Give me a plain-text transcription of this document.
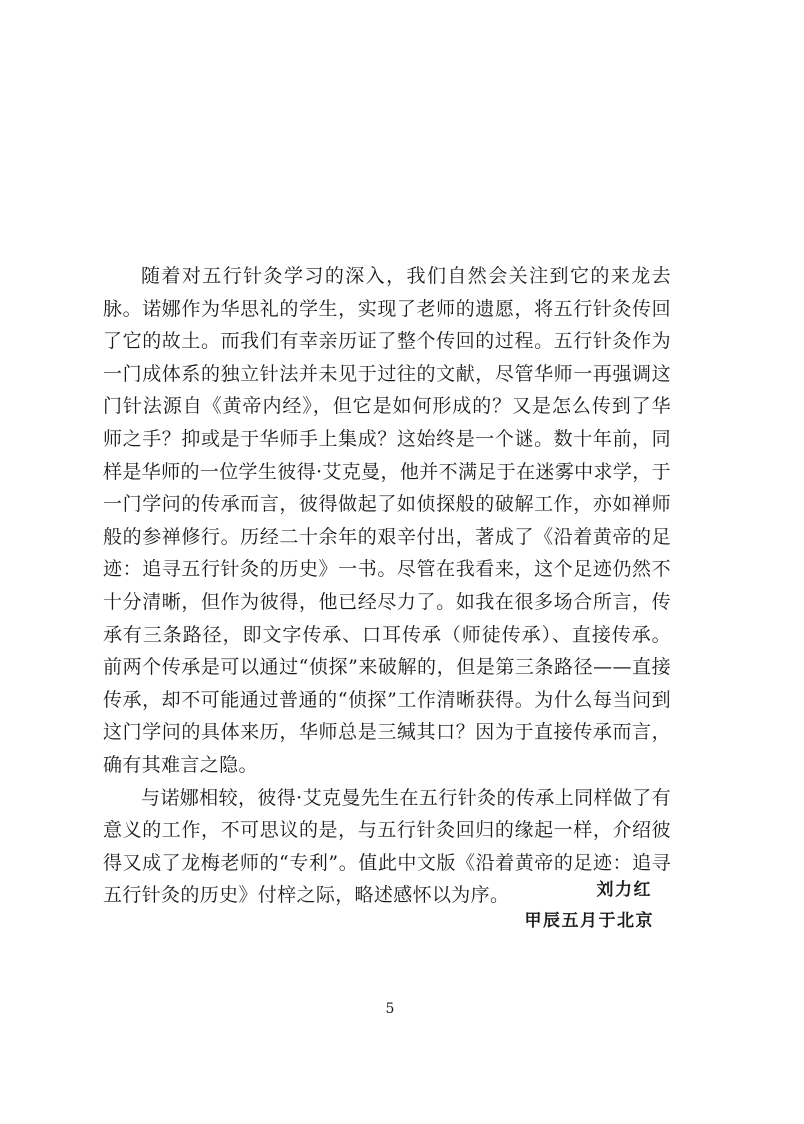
随着对五行针灸学习的深入，我们自然会关注到它的来龙去脉。诺娜作为华思礼的学生，实现了老师的遗愿，将五行针灸传回了它的故土。而我们有幸亲历证了整个传回的过程。五行针灸作为一门成体系的独立针法并未见于过往的文献，尽管华师一再强调这门针法源自《黄帝内经》，但它是如何形成的？又是怎么传到了华师之手？抑或是于华师手上集成？这始终是一个谜。数十年前，同样是华师的一位学生彼得·艾克曼，他并不满足于在迷雾中求学，于一门学问的传承而言，彼得做起了如侦探般的破解工作，亦如禅师般的参禅修行。历经二十余年的艰辛付出，著成了《沿着黄帝的足迹：追寻五行针灸的历史》一书。尽管在我看来，这个足迹仍然不十分清晰，但作为彼得，他已经尽力了。如我在很多场合所言，传承有三条路径，即文字传承、口耳传承（师徒传承）、直接传承。前两个传承是可以通过“侦探”来破解的，但是第三条路径——直接传承，却不可能通过普通的“侦探”工作清晰获得。为什么每当问到这门学问的具体来历，华师总是三缄其口？因为于直接传承而言，确有其难言之隐。

与诺娜相较，彼得·艾克曼先生在五行针灸的传承上同样做了有意义的工作，不可思议的是，与五行针灸回归的缘起一样，介绍彼得又成了龙梅老师的“专利”。值此中文版《沿着黄帝的足迹：追寻五行针灸的历史》付梓之际，略述感怀以为序。	刘力红

甲辰五月于北京

5
